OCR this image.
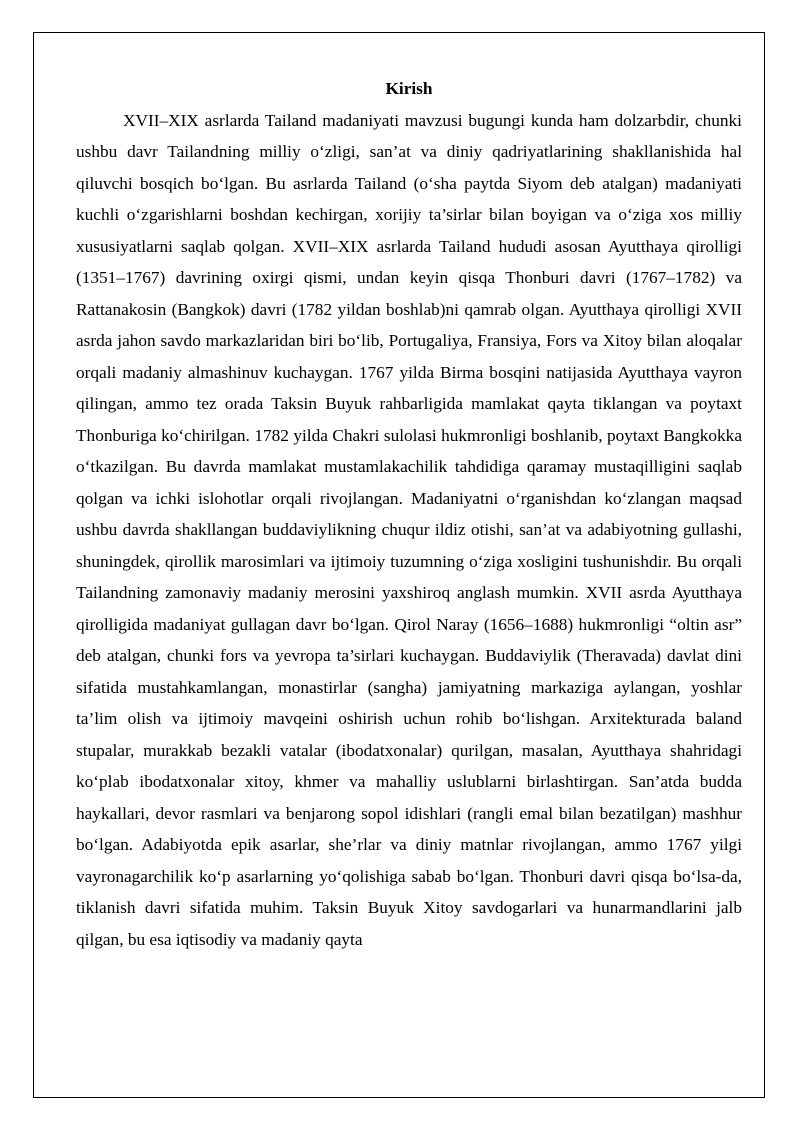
Kirish

XVII–XIX asrlarda Tailand madaniyati mavzusi bugungi kunda ham dolzarbdir, chunki ushbu davr Tailandning milliy o‘zligi, san’at va diniy qadriyatlarining shakllanishida hal qiluvchi bosqich bo‘lgan. Bu asrlarda Tailand (o‘sha paytda Siyom deb atalgan) madaniyati kuchli o‘zgarishlarni boshdan kechirgan, xorijiy ta’sirlar bilan boyigan va o‘ziga xos milliy xususiyatlarni saqlab qolgan. XVII–XIX asrlarda Tailand hududi asosan Ayutthaya qirolligi (1351–1767) davrining oxirgi qismi, undan keyin qisqa Thonburi davri (1767–1782) va Rattanakosin (Bangkok) davri (1782 yildan boshlab)ni qamrab olgan. Ayutthaya qirolligi XVII asrda jahon savdo markazlaridan biri bo‘lib, Portugaliya, Fransiya, Fors va Xitoy bilan aloqalar orqali madaniy almashinuv kuchaygan. 1767 yilda Birma bosqini natijasida Ayutthaya vayron qilingan, ammo tez orada Taksin Buyuk rahbarligida mamlakat qayta tiklangan va poytaxt Thonburiga ko‘chirilgan. 1782 yilda Chakri sulolasi hukmronligi boshlanib, poytaxt Bangkokka o‘tkazilgan. Bu davrda mamlakat mustamlakachilik tahdidiga qaramay mustaqilligini saqlab qolgan va ichki islohotlar orqali rivojlangan. Madaniyatni o‘rganishdan ko‘zlangan maqsad ushbu davrda shakllangan buddaviylikning chuqur ildiz otishi, san’at va adabiyotning gullashi, shuningdek, qirollik marosimlari va ijtimoiy tuzumning o‘ziga xosligini tushunishdir. Bu orqali Tailandning zamonaviy madaniy merosini yaxshiroq anglash mumkin. XVII asrda Ayutthaya qirolligida madaniyat gullagan davr bo‘lgan. Qirol Naray (1656–1688) hukmronligi “oltin asr” deb atalgan, chunki fors va yevropa ta’sirlari kuchaygan. Buddaviylik (Theravada) davlat dini sifatida mustahkamlangan, monastirlar (sangha) jamiyatning markaziga aylangan, yoshlar ta’lim olish va ijtimoiy mavqeini oshirish uchun rohib bo‘lishgan. Arxitekturada baland stupalar, murakkab bezakli vatalar (ibodatxonalar) qurilgan, masalan, Ayutthaya shahridagi ko‘plab ibodatxonalar xitoy, khmer va mahalliy uslublarni birlashtirgan. San’atda budda haykallari, devor rasmlari va benjarong sopol idishlari (rangli emal bilan bezatilgan) mashhur bo‘lgan. Adabiyotda epik asarlar, she’rlar va diniy matnlar rivojlangan, ammo 1767 yilgi vayronagarchilik ko‘p asarlarning yo‘qolishiga sabab bo‘lgan. Thonburi davri qisqa bo‘lsa-da, tiklanish davri sifatida muhim. Taksin Buyuk Xitoy savdogarlari va hunarmandlarini jalb qilgan, bu esa iqtisodiy va madaniy qayta
